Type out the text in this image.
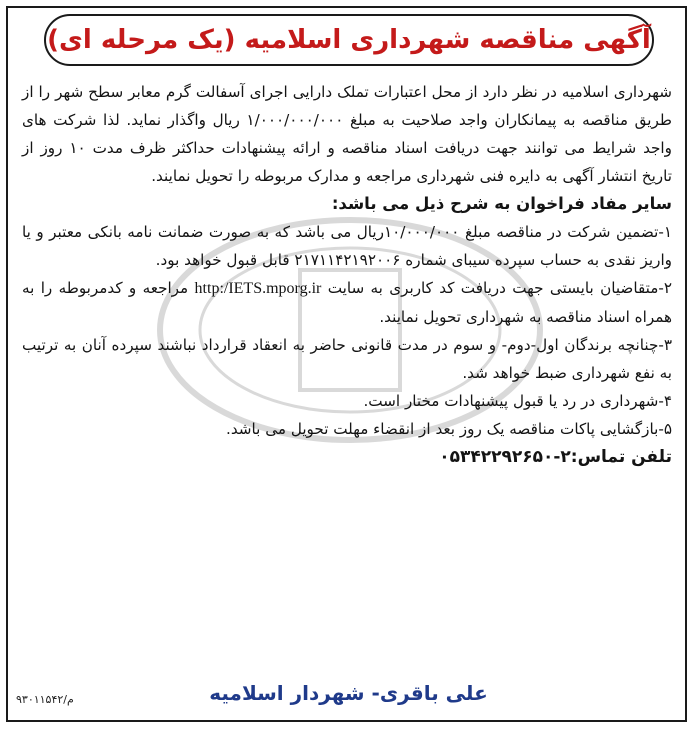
آگهی مناقصه شهرداری اسلامیه (یک مرحله ای)

شهرداری اسلامیه در نظر دارد از محل اعتبارات تملک دارایی اجرای آسفالت گرم معابر سطح شهر را از طریق مناقصه به پیمانکاران واجد صلاحیت به مبلغ ۱/۰۰۰/۰۰۰/۰۰۰ ریال واگذار نماید. لذا شرکت های واجد شرایط می توانند جهت دریافت اسناد مناقصه و ارائه پیشنهادات حداکثر ظرف مدت ۱۰ روز از تاریخ انتشار آگهی به دایره فنی شهرداری مراجعه و مدارک مربوطه را تحویل نمایند.

سایر مفاد فراخوان به شرح ذیل می باشد:

۱-تضمین شرکت در مناقصه مبلغ ۱۰/۰۰۰/۰۰۰ریال می باشد که به صورت ضمانت نامه بانکی معتبر و یا واریز نقدی به حساب سپرده سیبای شماره ۲۱۷۱۱۴۲۱۹۲۰۰۶ قابل قبول خواهد بود.

۲-متقاضیان بایستی جهت دریافت کد کاربری به سایت http:/IETS.mporg.ir مراجعه و کدمربوطه را به همراه اسناد مناقصه به شهرداری تحویل نمایند.

۳-چنانچه برندگان اول-دوم- و سوم در مدت قانونی حاضر به انعقاد قرارداد نباشند سپرده آنان به ترتیب به نفع شهرداری ضبط خواهد شد.

۴-شهرداری در رد یا قبول پیشنهادات مختار است.

۵-بازگشایی پاکات مناقصه یک روز بعد از انقضاء مهلت تحویل می باشد.

تلفن تماس:۲-۰۵۳۴۲۲۹۲۶۵۰

علی باقری- شهردار اسلامیه
م/۹۳۰۱۱۵۴۲
